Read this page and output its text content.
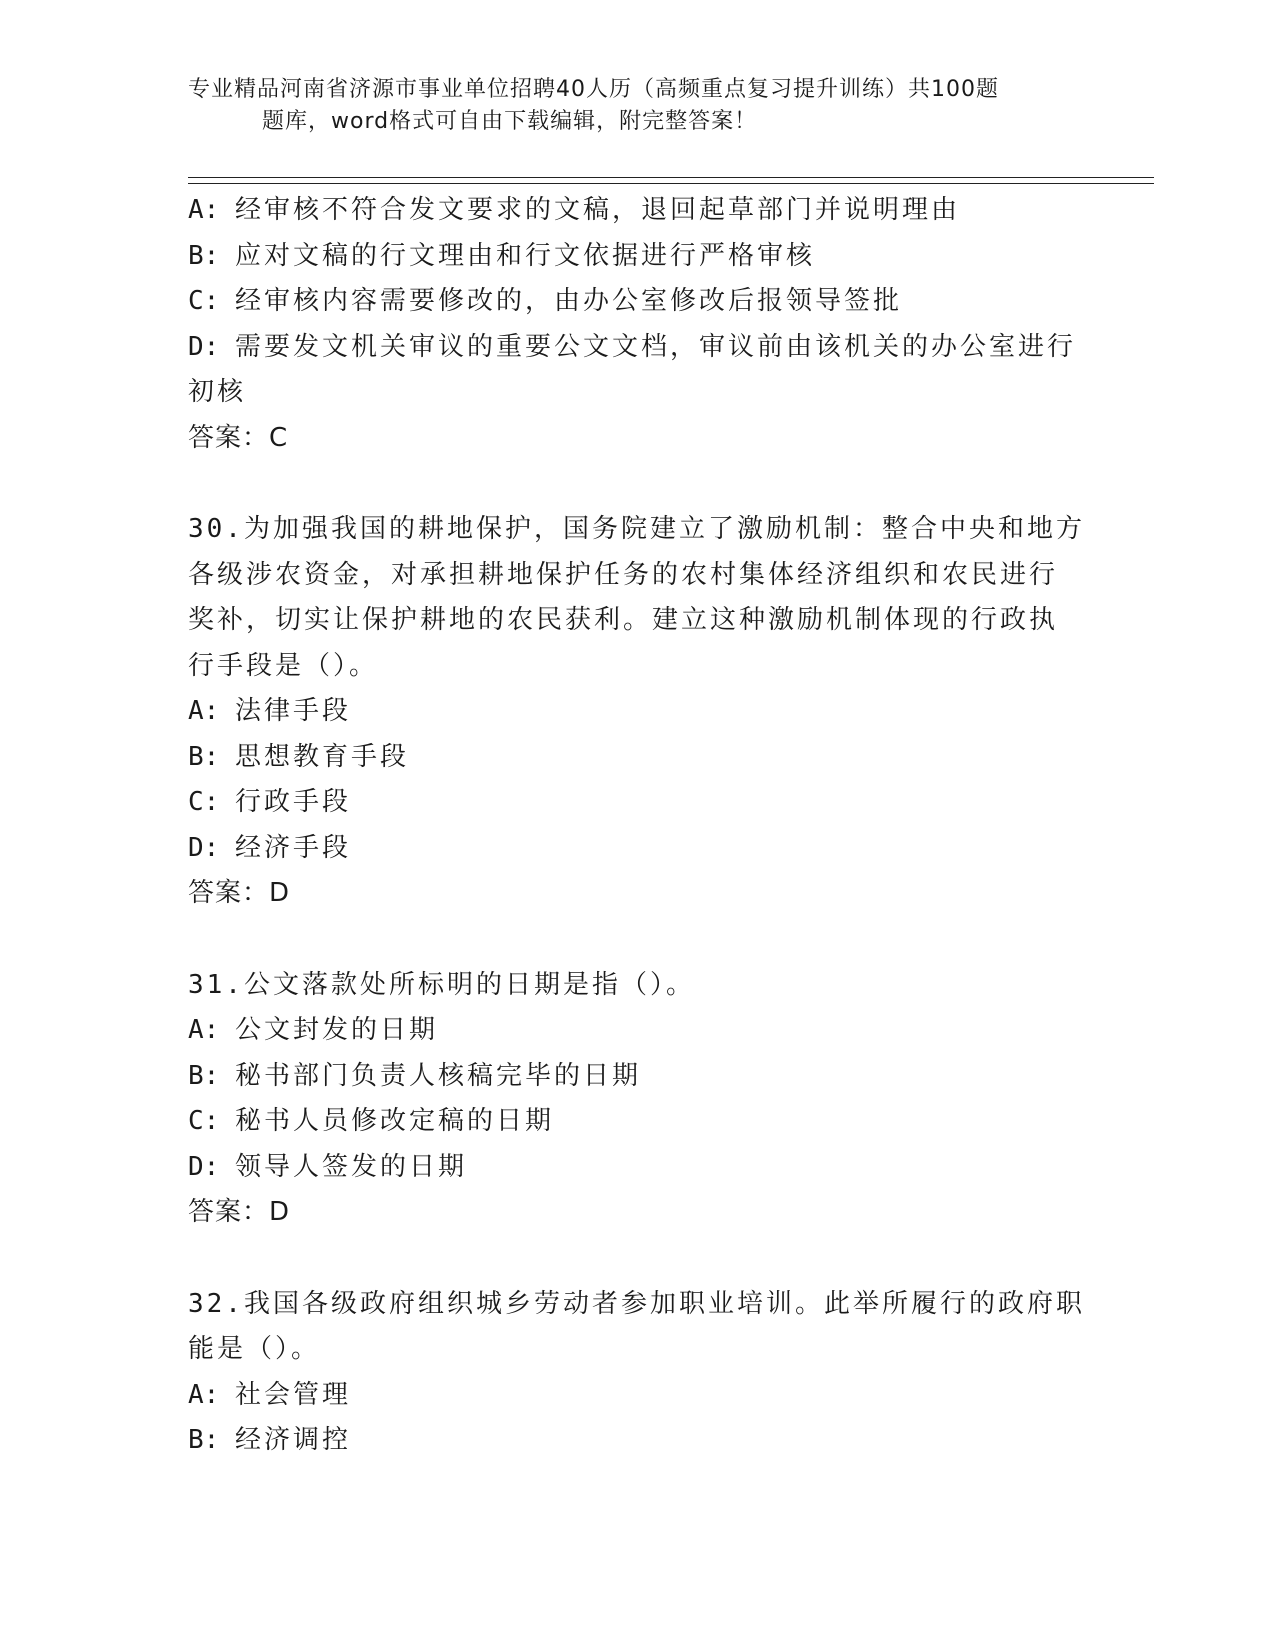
专业精品河南省济源市事业单位招聘40人历（高频重点复习提升训练）共100题
题库，word格式可自由下载编辑，附完整答案！
A: 经审核不符合发文要求的文稿，退回起草部门并说明理由
B: 应对文稿的行文理由和行文依据进行严格审核
C: 经审核内容需要修改的，由办公室修改后报领导签批
D: 需要发文机关审议的重要公文文档，审议前由该机关的办公室进行
初核
答案：C
30.为加强我国的耕地保护，国务院建立了激励机制：整合中央和地方
各级涉农资金，对承担耕地保护任务的农村集体经济组织和农民进行
奖补，切实让保护耕地的农民获利。建立这种激励机制体现的行政执
行手段是（）。
A: 法律手段
B: 思想教育手段
C: 行政手段
D: 经济手段
答案：D
31.公文落款处所标明的日期是指（）。
A: 公文封发的日期
B: 秘书部门负责人核稿完毕的日期
C: 秘书人员修改定稿的日期
D: 领导人签发的日期
答案：D
32.我国各级政府组织城乡劳动者参加职业培训。此举所履行的政府职
能是（）。
A: 社会管理
B: 经济调控
